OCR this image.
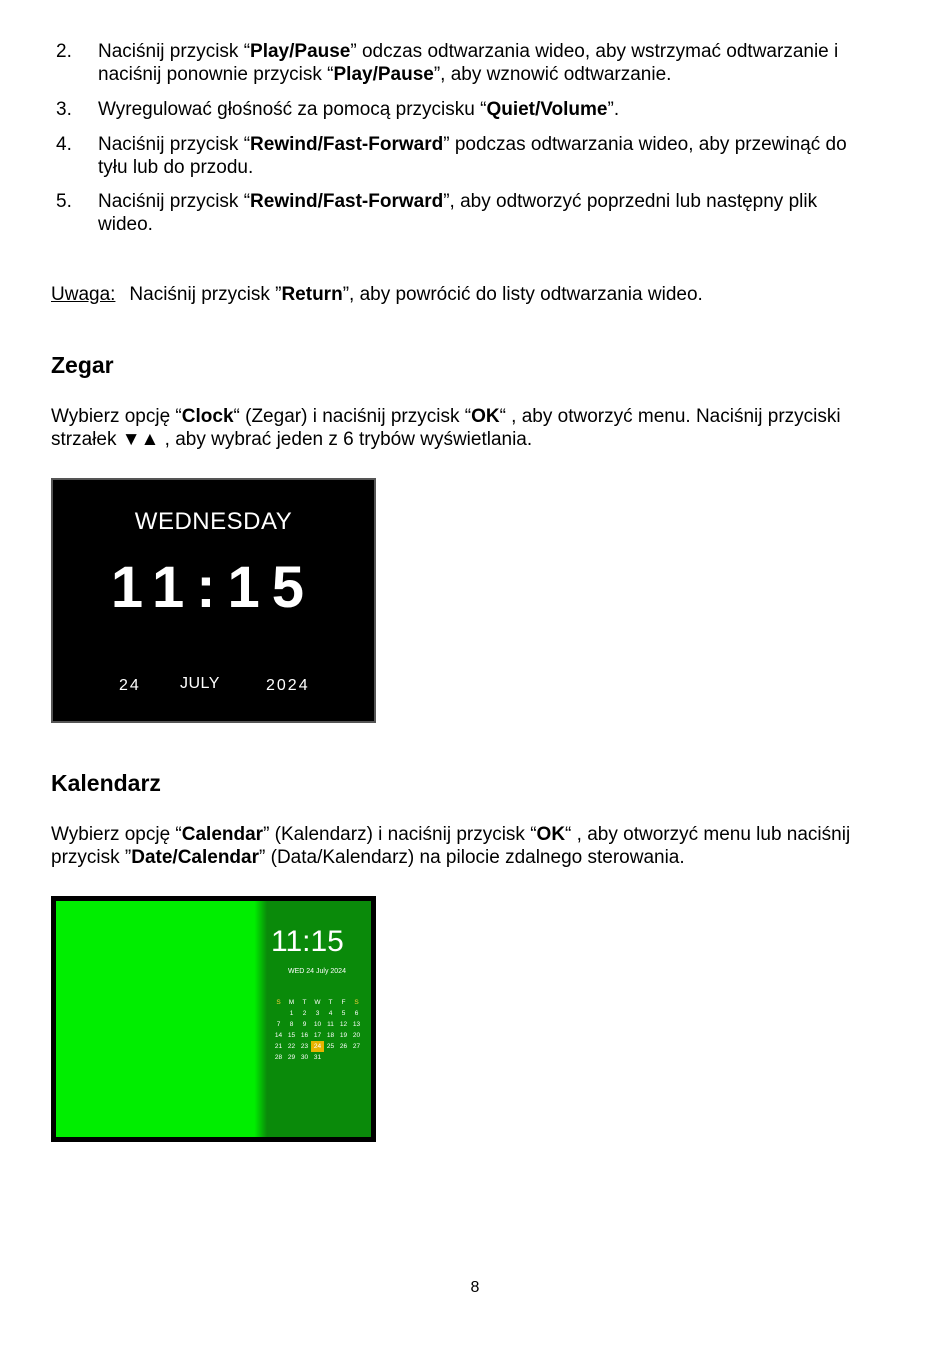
2. Naciśnij przycisk “Play/Pause” odczas odtwarzania wideo, aby wstrzymać odtwarzanie i naciśnij ponownie przycisk “Play/Pause”, aby wznowić odtwarzanie.
3. Wyregulować głośność za pomocą przycisku “Quiet/Volume”.
4. Naciśnij przycisk “Rewind/Fast-Forward” podczas odtwarzania wideo, aby przewinąć do tyłu lub do przodu.
5. Naciśnij przycisk “Rewind/Fast-Forward”, aby odtworzyć poprzedni lub następny plik wideo.
Uwaga: Naciśnij przycisk ”Return”, aby powrócić do listy odtwarzania wideo.
Zegar
Wybierz opcję “Clock“ (Zegar) i naciśnij przycisk “OK“ , aby otworzyć menu. Naciśnij przyciski strzałek ▼▲ , aby wybrać jeden z 6 trybów wyświetlania.
WEDNESDAY
11:15
24 JULY	2024
Kalendarz
Wybierz opcję “Calendar” (Kalendarz) i naciśnij przycisk “OK“ , aby otworzyć menu lub naciśnij przycisk ”Date/Calendar” (Data/Kalendarz) na pilocie zdalnego sterowania.
11:15
WED 24 July 2024
S	M	T	W	T	F	S
	1	2	3	4	5	6
7	8	9	10	11	12	13
14	15	16	17	18	19	20
21	22	23	24	25	26	27
28	29	30	31			
8
